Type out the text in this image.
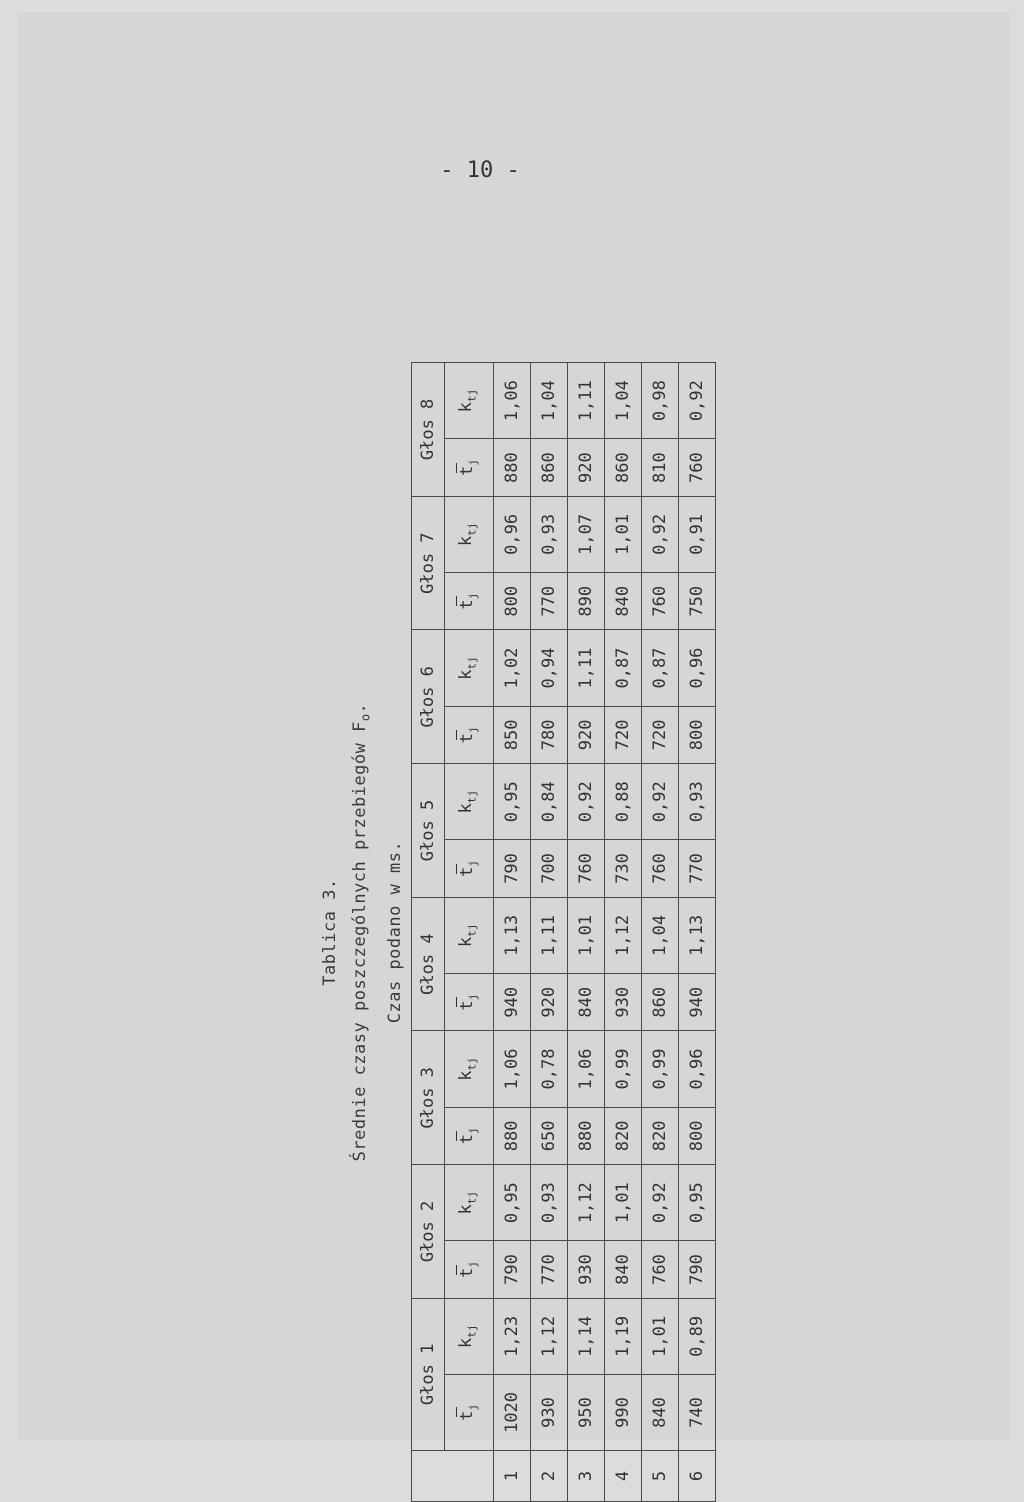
- 10 -
Tablica 3. Średnie czasy poszczególnych przebiegów $F_o$.
Czas podano w ms.
	Głos 1		Głos 2		Głos 3		Głos 4		Głos 5		Głos 6		Głos 7		Głos 8	

$t_j$	$k_{tj}$	$t_j$	$k_{tj}$	$t_j$	$k_{tj}$	$t_j$	$k_{tj}$	$t_j$	$k_{tj}$	$t_j$	$k_{tj}$	$t_j$	$k_{tj}$	$t_j$	$k_{tj}$
1	1020	1,23	790	0,95	880	1,06	940	1,13	790	0,95	850	1,02	800	0,96	880	1,06
2	930	1,12	770	0,93	650	0,78	920	1,11	700	0,84	780	0,94	770	0,93	860	1,04
3	950	1,14	930	1,12	880	1,06	840	1,01	760	0,92	920	1,11	890	1,07	920	1,11
4	990	1,19	840	1,01	820	0,99	930	1,12	730	0,88	720	0,87	840	1,01	860	1,04
5	840	1,01	760	0,92	820	0,99	860	1,04	760	0,92	720	0,87	760	0,92	810	0,98
6	740	0,89	790	0,95	800	0,96	940	1,13	770	0,93	800	0,96	750	0,91	760	0,92
